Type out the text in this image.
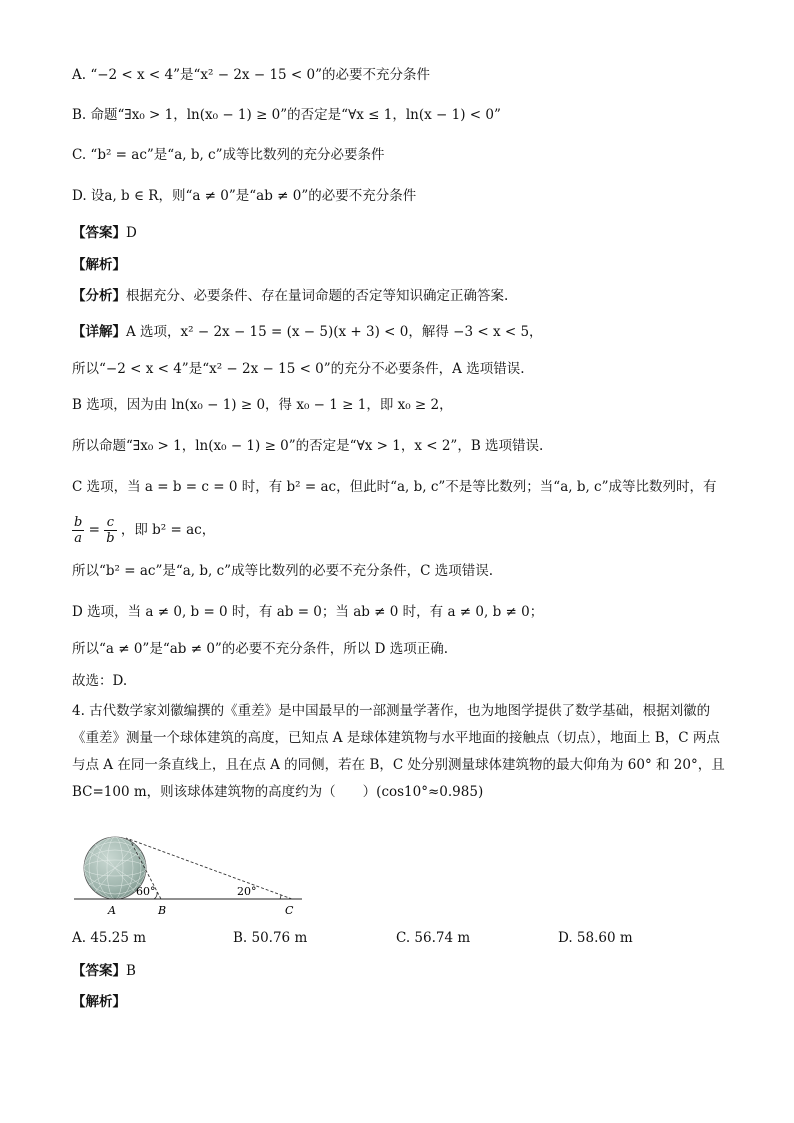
A. “−2 < x < 4”是“x² − 2x − 15 < 0”的必要不充分条件
B. 命题“∃x₀ > 1，ln(x₀ − 1) ≥ 0”的否定是“∀x ≤ 1，ln(x − 1) < 0”
C. “b² = ac”是“a, b, c”成等比数列的充分必要条件
D. 设a, b ∈ R，则“a ≠ 0”是“ab ≠ 0”的必要不充分条件
【答案】D
【解析】
【分析】根据充分、必要条件、存在量词命题的否定等知识确定正确答案.
【详解】A 选项，x² − 2x − 15 = (x − 5)(x + 3) < 0，解得 −3 < x < 5，
所以“−2 < x < 4”是“x² − 2x − 15 < 0”的充分不必要条件，A 选项错误.
B 选项，因为由 ln(x₀ − 1) ≥ 0，得 x₀ − 1 ≥ 1，即 x₀ ≥ 2，
所以命题“∃x₀ > 1，ln(x₀ − 1) ≥ 0”的否定是“∀x > 1，x < 2”，B 选项错误.
C 选项，当 a = b = c = 0 时，有 b² = ac，但此时“a, b, c”不是等比数列；当“a, b, c”成等比数列时，有
$\frac{b}{a} = \frac{c}{b}$ ，即 b² = ac，
所以“b² = ac”是“a, b, c”成等比数列的必要不充分条件，C 选项错误.
D 选项，当 a ≠ 0, b = 0 时，有 ab = 0；当 ab ≠ 0 时，有 a ≠ 0, b ≠ 0；
所以“a ≠ 0”是“ab ≠ 0”的必要不充分条件，所以 D 选项正确.
故选：D.
4. 古代数学家刘徽编撰的《重差》是中国最早的一部测量学著作，也为地图学提供了数学基础，根据刘徽的《重差》测量一个球体建筑的高度，已知点 A 是球体建筑物与水平地面的接触点（切点），地面上 B，C 两点与点 A 在同一条直线上，且在点 A 的同侧，若在 B，C 处分别测量球体建筑物的最大仰角为 60° 和 20°，且 BC=100 m，则该球体建筑物的高度约为（　　）(cos10°≈0.985)
60°	20°
A	B	C
A. 45.25 m	B. 50.76 m	C. 56.74 m	D. 58.60 m
【答案】B
【解析】
